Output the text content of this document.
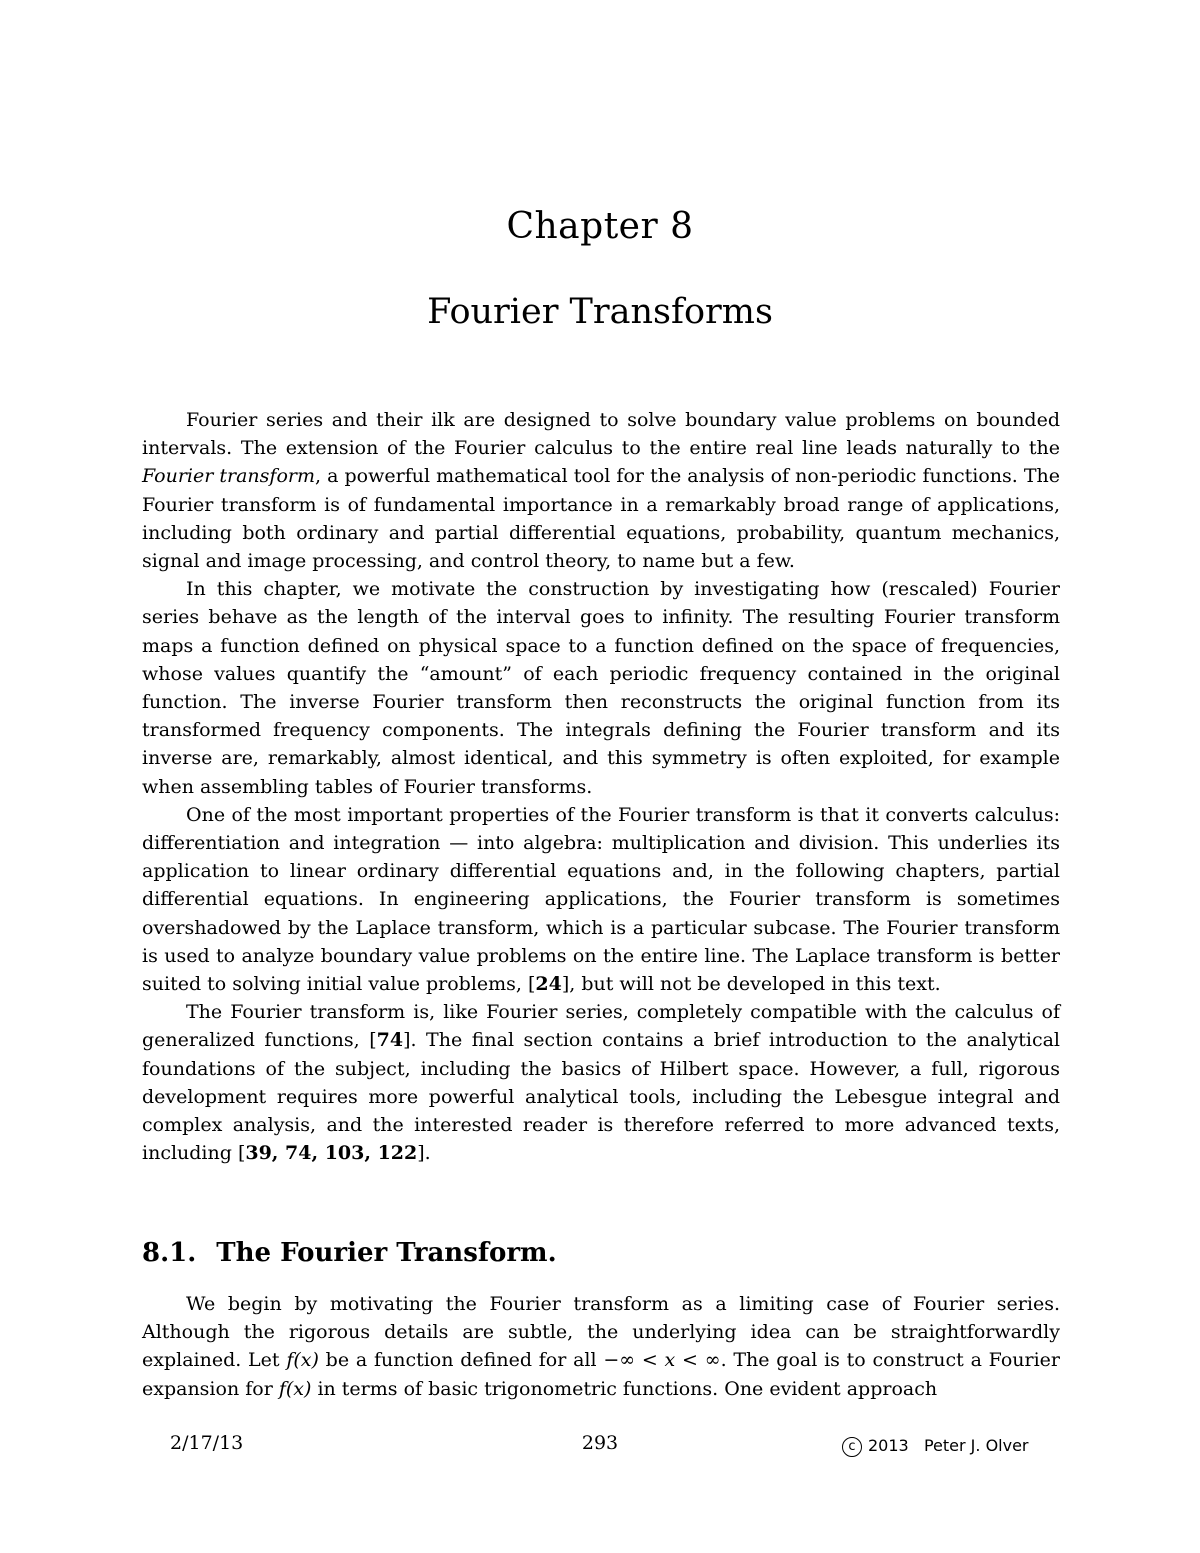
Chapter 8
Fourier Transforms

Fourier series and their ilk are designed to solve boundary value problems on bounded intervals. The extension of the Fourier calculus to the entire real line leads naturally to the Fourier transform, a powerful mathematical tool for the analysis of non-periodic functions. The Fourier transform is of fundamental importance in a remarkably broad range of applications, including both ordinary and partial differential equations, probability, quantum mechanics, signal and image processing, and control theory, to name but a few.

In this chapter, we motivate the construction by investigating how (rescaled) Fourier series behave as the length of the interval goes to infinity. The resulting Fourier transform maps a function defined on physical space to a function defined on the space of frequencies, whose values quantify the “amount” of each periodic frequency contained in the original function. The inverse Fourier transform then reconstructs the original function from its transformed frequency components. The integrals defining the Fourier transform and its inverse are, remarkably, almost identical, and this symmetry is often exploited, for example when assembling tables of Fourier transforms.

One of the most important properties of the Fourier transform is that it converts calculus: differentiation and integration — into algebra: multiplication and division. This underlies its application to linear ordinary differential equations and, in the following chapters, partial differential equations. In engineering applications, the Fourier transform is sometimes overshadowed by the Laplace transform, which is a particular subcase. The Fourier transform is used to analyze boundary value problems on the entire line. The Laplace transform is better suited to solving initial value problems, [24], but will not be developed in this text.

The Fourier transform is, like Fourier series, completely compatible with the calculus of generalized functions, [74]. The final section contains a brief introduction to the analytical foundations of the subject, including the basics of Hilbert space. However, a full, rigorous development requires more powerful analytical tools, including the Lebesgue integral and complex analysis, and the interested reader is therefore referred to more advanced texts, including [39, 74, 103, 122].

8.1. The Fourier Transform.

We begin by motivating the Fourier transform as a limiting case of Fourier series. Although the rigorous details are subtle, the underlying idea can be straightforwardly explained. Let f(x) be a function defined for all −∞ < x < ∞. The goal is to construct a Fourier expansion for f(x) in terms of basic trigonometric functions. One evident approach

2/17/13	293	c 2013   Peter J. Olver
